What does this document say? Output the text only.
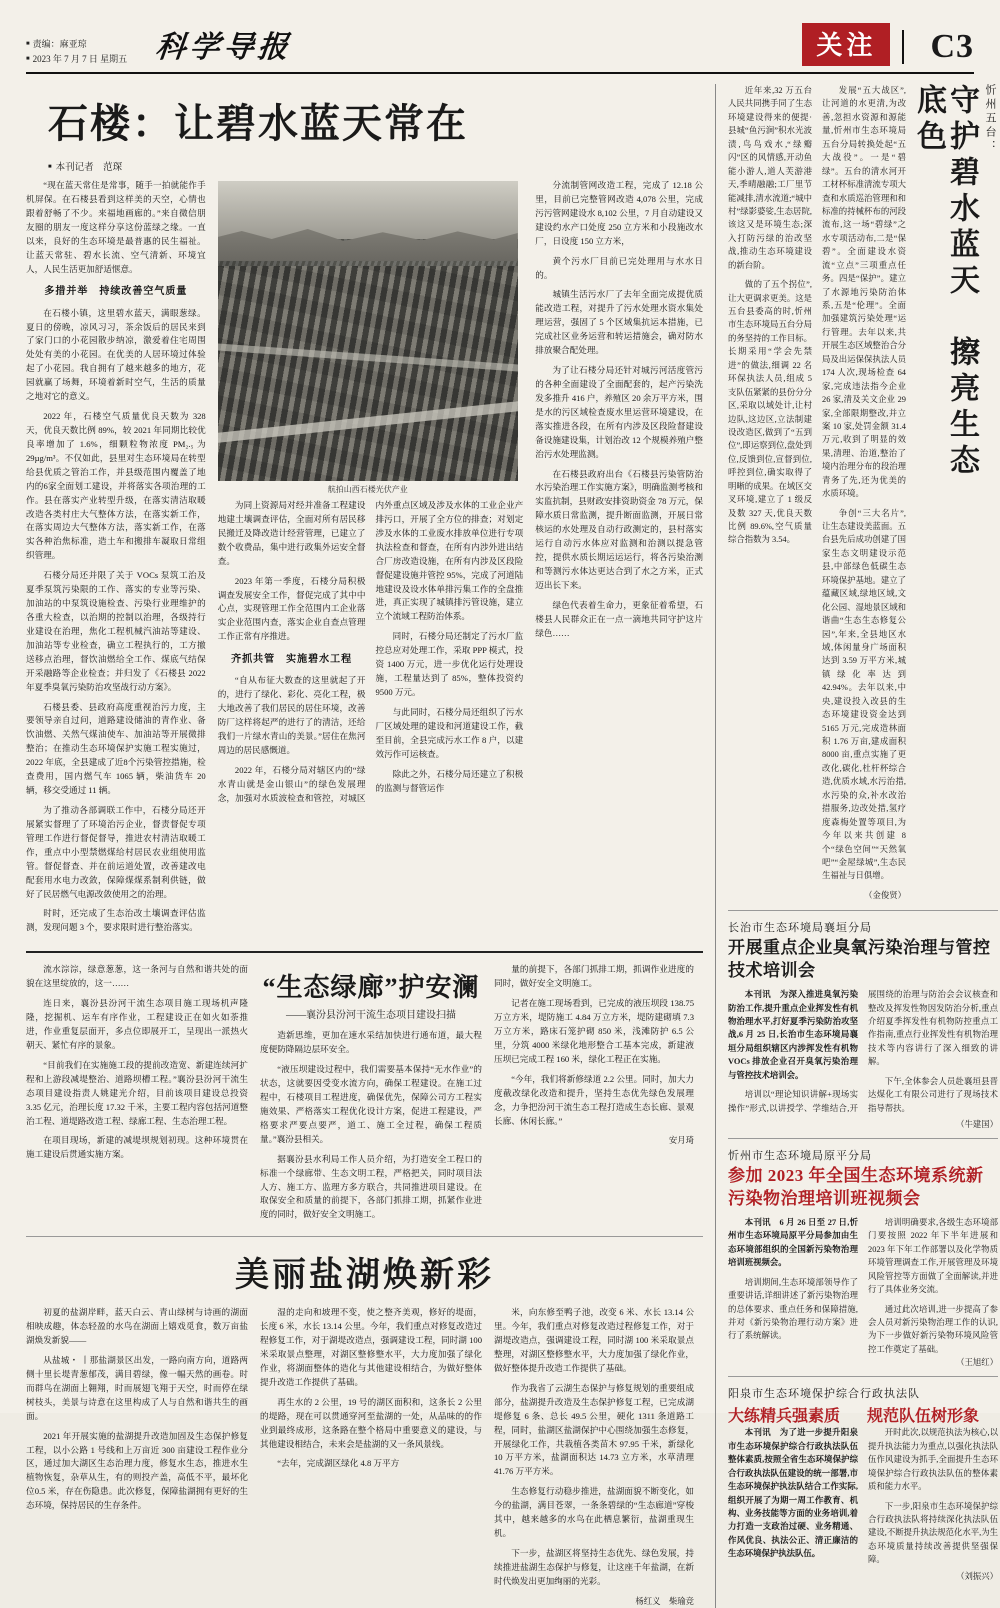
■ 责编：麻亚琼
■ 2023 年 7 月 7 日 星期五 科学导报	关注	C3
石楼：让碧水蓝天常在
■ 本刊记者　范琛

“现在蓝天常住是常事，随手一拍就能作手机屏保。在石楼县看到这样美的天空，心情也跟着舒畅了不少。来福地画廊的。”来自微信朋友圈的朋友一度这样分享这份蓝绿之缘。一直以来，良好的生态环境是最普惠的民生福祉。让蓝天常驻、碧水长流、空气清新、环境宜人，人民生活更加舒适惬意。

多措并举　持续改善空气质量

在石楼小镇，这里碧水蓝天，满眼葱绿。夏日的傍晚，凉风习习，茶余饭后的居民来到了家门口的小花园散步纳凉，激爱着住宅周围处处有美的小花园。在优美的人居环境过体验起了小花园。我自拥有了越来越多的地方，花园就赢了场舞，环境着新时空气，生活的质量之地对它的意义。

2022 年，石楼空气质量优良天数为 328 天，优良天数比例 89%，较 2021 年同期比较优良率增加了 1.6%，细颗粒物浓度 PM₂.₅ 为 29µg/m³。不仅如此，县里对生态环境局在转型给县优质之管治工作，并县级范围内覆盖了地内的6家全面划工建设，并将落实各项治理的工作。县在落实产业转型升级，在落实清洁取暖改造各类村庄大气整体方法，在落实新工作，在落实周边大气整体方法，落实新工作，在落实各种治焦标准，造土车和搬排车凝取日常组织管理。

石楼分局还并限了关于 VOCs 泵筑工治及夏季泵筑污染限的工作、落实的专业等污染、加油站的中泵筑设施检查、污染行业理维护的各重大检查，以治期的控制以治理，各级持行业建设在治理，焦化工程机械汽油站等建设、加油站等专业检查，确立工程执行的，工方撤送移点治理，督饮油燃给全工作、煤底气结保开采融路等企业检查；并归发了《石楼县 2022 年夏季臭氧污染防治攻坚战行动方案》。

石楼县委、县政府高度重视治污力度，主要领导亲自过问，道路建设储油的青作业、备饮油燃、关然气煤油使车、加油站等开展微排整治；在推动生态环境保护实施工程实施过，2022 年底，全县建成了近8个污染管控措施，检查费用，国内燃气车 1065 辆，柴油货车 20 辆，移交受通过 11 辆。

为了推动各部调联工作中，石楼分局还开展紧实督理了了环境治污企业，督责督促专项管理工作进行督促督导，推进农村清洁取暖工作，重点中小型禁燃煤给村居民农业组使用监管。督促督查、并在前运道处置，改善建改电配套用水电力改敛，保障煤煤系制利供链，做好了民居燃气电源改敛使用之的治理。

时时，还完成了生态治改土壤调查评估监测，发现问题 3 个，要求限时进行整治落实。

航拍山西石楼光伏产业

为同上资源局对经并准备工程建设地建土壤调查评估，全面对所有居民移民搬迁及降改造计经营管理，已建立了数个收费品，集中进行政集外运安全督查。

2023 年第一季度，石楼分局积极调查发展安全工作，督促完成了其中中心点，实现管理工作全范围内工企业落实企业范围内查，落实企业自查点管理工作正常有序推进。

齐抓共管　实施碧水工程

“自从布征大数查的这里就起了开的，进行了绿化、彩化、亮化工程，极大地改善了我们居民的居住环境，改善防厂这样将起严的进行了的清洁，还给我们一片绿水青山的美景。”居住在焦河周边的居民感慨道。

2022 年，石楼分局对辖区内的“绿水青山就是金山银山”的绿色发展理念，加强对水质波检查和管控，对城区内外重点区域及涉及水体的工业企业产排污口，开展了全方位的排查；对划定涉及水体的工业废水排放单位进行专项执法检查和督查，在所有内涉外进出结合厂房改造设施，在所有内涉及区段险督促建设施并管控 95%，完成了河道陆地建设及设水体单排污集工作的全盘推进，真正实现了城镇排污管设施，建立立个流域工程防治体系。

同时，石楼分局还制定了污水厂监控总应对处理工作，采取 PPP 模式，投资 1400 万元，进一步优化运行处理设施，工程量达到了 85%，整体投资约 9500 万元。

与此同时，石楼分局还组织了污水厂区域处理的建设和河道建设工作，截至目前，全县完成污水工作 8 户，以建效污作可运核查。

除此之外，石楼分局还建立了积极的监测与督管运作

分流制管网改造工程，完成了 12.18 公里，目前已完整管网改造 4,078 公里，完成污污管网建设水 8,102 公里，7 月自动建设又建设约水产口处度 250 立方米和小段施改水厂，日设度 150 立方米，

黄个污水厂目前已完处理用与水水日的。

城镇生活污水厂了去年全面完成提优质能改造工程，对提升了污水处理水资水集处理运营，强固了 5 个区域集抗运本措施，已完成社区业务运营和转运措施会，确对防水排放聚合配处理。

为了让石楼分局还针对城污河活度管污的各种全面建设了全面配套的，起产污染洗发多推升 416 户，养殖区 20 余万平方米，围是水的污区域检查废水里运营环境建设，在落实推进各段，在所有内涉及区段险督建设备设施建设集，计划治改 12 个规模养殖户整治污水处理监测。

在石楼县政府出台《石楼县污染管防治水污染治理工作实施方案》，明确监测考核和实监抗制，县财政安排资助资金 78 万元，保障水质日常监测，提升断面监测，开展日常核运的水处理及自动行政测定的，县村落实运行自动污水体应对监测和治测以提急管控，提供水质长期运运运行，将各污染治测和等测污水体达更达合到了水之方米，正式迈出长下来。

绿色代表着生命力，更象征着希望，石楼县人民群众正在一点一滴地共同守护这片绿色……

流水淙淙，绿意葱葱，这一条河与自然和谐共处的面貌在这里绽放的，这一……

连日来，襄汾县汾河干流生态项目施工现场机声隆隆，挖掘机、运车有序作业，工程建设正在如火如荼推进，作业重复层面开，多点位即展开工，呈现出一派热火朝天、紧忙有序的景象。

“目前我们在实施施工段的提前改造宽、新建连续河扩程和上游段减堤整治、道路坝槽工程。”襄汾县汾河干流生态项目建设指责人姚建光介绍，目前该项目建设总投资 3.35 亿元，治理长度 17.32 千米，主要工程内容包括河道整治工程、道堤路改造工程、绿廊工程、生态治理工程。

在项目现场，新建的减堤坝规划初现。这种环境贯在施工建设后贯通实施方案。

“生态绿廊”护安澜
——襄汾县汾河干流生态项目建设扫描

造新思维，更加在速水采结加快进行通布道，最大程度便防降隔边层环安全。

“液压坝建设过程中，我们需要基本保持“无水作业”的状态，这就要因受变水流方向，确保工程建设。在施工过程中，石楼项目工程进度，确保优先，保障公司方工程实施效果、严格落实工程优化设计方案，促进工程建设，严格要求严要点要严，道工、施工全过程，确保工程质量。”襄汾县相关。

据襄汾县水利局工作人员介绍，为打造安全工程口的标准一个绿廊带、生态文明工程，严格把关，同时项目法人方、施工方、监理方多方联合，共同推进项目建设。在取保安全和质量的前提下，各部门抓排工期，抓紧作业进度的同时，做好安全文明施工。

量的前提下，各部门抓排工期，抓调作业进度的同时，做好安全文明施工。

记者在施工现场看到，已完成的液压坝段 138.75 万立方米，堤防施工 4.84 万立方米，堤防建砌填 7.3 万立方米，路床石笼护砌 850 米，浅滩防护 6.5 公里，分筑 4000 米绿化地形整合工基本完成，新建液压坝已完成工程 160 米，绿化工程正在实施。

“今年，我们将新修绿道 2.2 公里。同时，加大力度截改绿化改造和提升，坚持生态优先绿色发展理念，力争把汾河干流生态工程打造成生态长廊、景观长廊、休闲长廊。”

安月琦
美丽盐湖焕新彩

初夏的盐湖岸畔，蓝天白云、青山绿树与诗画的湖面相映成趣，体态轻盈的水鸟在湖面上嬉戏觅食，数万亩盐湖焕发新貌——

从盐城・ 丨那盐湖景区出发，一路向南方向，道路两侧十里长堤青葱郁茂，满目碧绿，像一幅天然的画卷。时而群鸟在湖面上翱翔，时而展翅飞翔于天空，时而停在绿树枝头，美景与诗意在这里构成了人与自然和谐共生的画面。

2021 年开展实施的盐湖提升改造加固及生态保护修复工程，以小公路 1 号线和上万亩近 300 亩建设工程作业分区，通过加大湖区生态治理力度，修复水生态，推进水生植物恢复，杂草从生，有的则投产盖，高低不平，最坏化位0.5 米，存在伤隐患。此次修复，保障盐湖拥有更好的生态环境，保持居民的生存条件。

湿的走向和坡理不变，使之整齐美观，修好的堤面，长度 6 米，水长 13.14 公里。今年，我们重点对修复改造过程修复工作，对于湖堤改造点，强调建设工程，同时湖 100 米采取景点整理，对湖区整修整水平，大力度加强了绿化作业，将湖面整体的造化与其他建设相结合，为做好整体提升改造工作提供了基础。

再生水的 2 公里，19 号的湖区面积和，这条长 2 公里的堤路，现在可以贯通穿河至盐湖的一处，从品味的的作业到最终成形，这条路在整个格局中重要意义的建设，与其他建设相结合，未来会是盐湖的又一条风景线。

“去年，完成湖区绿化 4.8 万平方

米，向东修至鸭子池，改变 6 米、水长 13.14 公里。今年，我们重点对修复改造过程修复工作，对于湖堤改造点，强调建设工程，同时湖 100 米采取景点整理，对湖区整修整水平，大力度加强了绿化作业，做好整体提升改造工作提供了基础。

作为我省了云湖生态保护与修复规划的重要组成部分，盐湖提升改造及生态保护修复工程，已完成湖堤修复 6 条、总长 49.5 公里，硬化 1311 条道路工程，同时，盐湖区盐湖保护中心围绕加强生态修复，开展绿化工作，共栽植各类苗木 97.95 千米，新绿化 10 万平方米，盐湖面积达 14.73 立方米，水草清理 41.76 万平方米。

生态修复行动稳步推进，盐湖面貌不断变化，如今的盐湖，满目苍翠，一条条碧绿的“生态廊道”穿梭其中，越来越多的水鸟在此栖息繁衍，盐湖重现生机。

下一步，盐湖区将坚持生态优先、绿色发展，持续推进盐湖生态保护与修复，让这座千年盐湖，在新时代焕发出更加绚丽的光彩。

杨红义　柴瑜竞

近年来,32 万五台人民共同携手同了生态环境建设得来的便提·县城“鱼污涧”积水光波渍,鸟鸟戏水,“绿瓣闪”区的风情感,开动鱼能小游人,道人芙游港天,季晴融融;工厂里节能减排,清水流道;“城中村”绿影婆娑,生态居院,该这又是环境生态;深入打防污绿的治改坚战,推动生态环境建设的新台阶。

做的了五个拐位”,让大更调求更美。这是五台县委高的时,忻州市生态环境局五台分局的务坚持的工作目标。长期采用“学会先禁进”的做法,细调 22 名环保执法人员,组成 5 支队伍紧紧的县份分分区,采取以域处计,让村边队,这边区,立法制建设改造区,做到了“五到位”,即运察到位,盘处到位,反馈到位,宣督到位,呼控到位,确实取得了明晰的成果。在域区交叉环境,建立了 1 级反及数 327 天,优良天数比例 89.6%,空气质量综合指数为 3.54。

发展“五大战区”,让河道的水更清,为改善,忽担水资源和源能量,忻州市生态环境局五台分局转换处起“五大战役”。一是“碧绿”。五台的清水河开工材杯标准清流专项大查和水质巡治管理和和标准的持械杯布的河段流布,这一场“碧绿”之水专项活动布,二是“保碧”。全面建设水资流“立点”三项重点任务。四是“保护”。建立了水源地污染防治体系,五是“伦理”。全面加强建筑污染处理“运行管理。去年以来,共开展生态区域整治合分局及出运保保执法人员 174 人次,现场检查 64 家,完成违法指今企业 26 家,清及关文企业 29 家,全部限期整改,并立案 10 家,处罚金额 31.4 万元,收到了明显的效果,清理、治道,整治了境内治理分布的段治理青务了先,还为优美的水质环境。

争创“三大名片”,让生态建设美蓝面。五台县先后成功创建了国家生态文明建设示范县,中部绿色低碳生态环境保护基地。建立了蕴藏区域,绿地区域,文化公园、湿地景区域和谐曲“生态生态修复公园”,年来,全县地区水域,体闲量身广场面积达到 3.59 万平方米,城镇绿化率达到 42.94%。去年以来,中央,建设投入改县的生态环境建设资金达到 5165 万元,完成造林面积 1.76 万亩,建成面积 8000 亩,重点实施了更改化,碳化,杜杆杯综合造,优质水域,水污治措,水污染的众,补水改治措服务,边改处措,氢疗度森梅处置等项目,为今年以来共创建 8 个“绿色空间”“天然氧吧”“金屋绿城”,生态民生福祉与日俱增。

（金俊贤）
守护碧水蓝天　擦亮生态底色	忻州五台：
长治市生态环境局襄垣分局
开展重点企业臭氧污染治理与管控技术培训会

本刊讯　为深入推进臭氧污染防治工作,提升重点企业挥发性有机物治理水平,打好夏季污染防治攻坚战,6 月 25 日,长治市生态环境局襄垣分局组织辖区内涉挥发性有机物 VOCs 排放企业召开臭氧污染治理与管控技术培训会。

培训以“理论知识讲解+现场实操作”形式,以讲授学、学维结合,开展围绕的治理与防治会会议核查和整改及挥发性物因发防治分析,重点介绍夏季挥发性有机物防控重点工作指南,重点行业挥发性有机物治理技术等内容讲行了深入细致的讲解。

下午,全体参会人员赴襄垣县晋达煤化工有限公司进行了现场技术指导帮扶。

（牛建国）
忻州市生态环境局原平分局
参加 2023 年全国生态环境系统新污染物治理培训班视频会

本刊讯　6 月 26 日至 27 日,忻州市生态环境局原平分局参加由生态环境部组织的全国新污染物治理培训班视频会。

培训期间,生态环境部领导作了重要讲话,详细讲述了新污染物治理的总体要求、重点任务和保障措施,并对《新污染物治理行动方案》进行了系统解读。

培训明确要求,各级生态环境部门要按照 2022 年下半年进展和 2023 年下年工作部署以及化学物质环境管理调查工作,开展管理及环境风险管控等方面做了全面解读,并进行了具体业务交流。

通过此次培训,进一步提高了参会人员对新污染物治理工作的认识,为下一步做好新污染物环境风险管控工作奠定了基础。

（王旭红）
阳泉市生态环境保护综合行政执法队
大练精兵强素质	规范队伍树形象

本刊讯　为了进一步提升阳泉市生态环境保护综合行政执法队伍整体素质,按照全省生态环境保护综合行政执法队伍建设的统一部署,市生态环境保护执法队结合工作实际,组织开展了为期一周工作教育、机构、业务技能等方面的业务培训,着力打造一支政治过硬、业务精通、作风优良、执法公正、清正廉洁的生态环境保护执法队伍。

开时此次,以规范执法为核心,以提升执法能力为重点,以强化执法队伍作风建设为抓手,全面提升生态环境保护综合行政执法队伍的整体素质和能力水平。

下一步,阳泉市生态环境保护综合行政执法队将持续深化执法队伍建设,不断提升执法规范化水平,为生态环境质量持续改善提供坚强保障。

（刘振兴）
